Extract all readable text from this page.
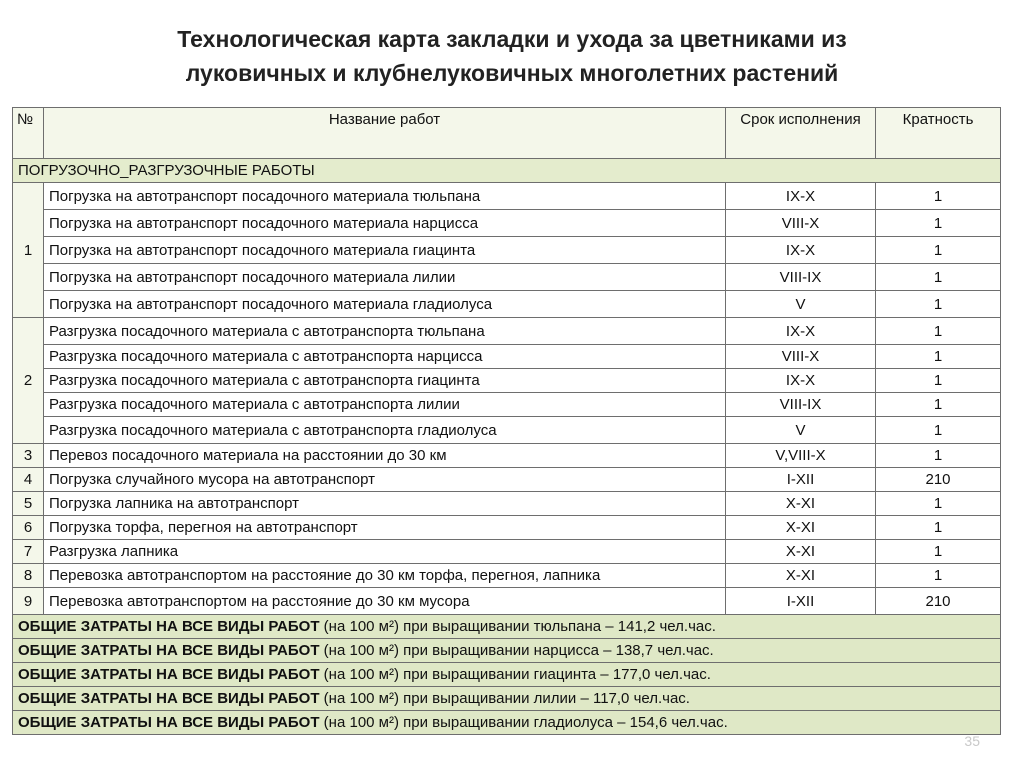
Технологическая карта закладки и ухода за цветниками из
луковичных и клубнелуковичных многолетних растений
№	Название работ	Срок исполнения	Кратность
ПОГРУЗОЧНО_РАЗГРУЗОЧНЫЕ РАБОТЫ			
1	Погрузка на автотранспорт посадочного материала тюльпана	IX-X	1
	Погрузка на автотранспорт посадочного материала нарцисса	VIII-X	1
	Погрузка на автотранспорт посадочного материала гиацинта	IX-X	1
	Погрузка на автотранспорт посадочного материала лилии	VIII-IX	1
	Погрузка на автотранспорт посадочного материала гладиолуса	V	1
2	Разгрузка посадочного материала с автотранспорта тюльпана	IX-X	1
	Разгрузка посадочного материала с автотранспорта нарцисса	VIII-X	1
	Разгрузка посадочного материала с автотранспорта гиацинта	IX-X	1
	Разгрузка посадочного материала с автотранспорта лилии	VIII-IX	1
	Разгрузка посадочного материала с автотранспорта гладиолуса	V	1
3	Перевоз посадочного материала на расстоянии до 30 км	V,VIII-X	1
4	Погрузка случайного мусора на автотранспорт	I-XII	210
5	Погрузка лапника на автотранспорт	X-XI	1
6	Погрузка торфа, перегноя на автотранспорт	X-XI	1
7	Разгрузка лапника	X-XI	1
8	Перевозка автотранспортом на расстояние до 30 км торфа, перегноя, лапника	X-XI	1
9	Перевозка автотранспортом на расстояние до 30 км мусора	I-XII	210
ОБЩИЕ ЗАТРАТЫ НА ВСЕ ВИДЫ РАБОТ (на 100 м²) при выращивании тюльпана – 141,2 чел.час.			
ОБЩИЕ ЗАТРАТЫ НА ВСЕ ВИДЫ РАБОТ (на 100 м²) при выращивании нарцисса – 138,7 чел.час.			
ОБЩИЕ ЗАТРАТЫ НА ВСЕ ВИДЫ РАБОТ (на 100 м²) при выращивании гиацинта – 177,0 чел.час.			
ОБЩИЕ ЗАТРАТЫ НА ВСЕ ВИДЫ РАБОТ (на 100 м²) при выращивании лилии – 117,0 чел.час.			
ОБЩИЕ ЗАТРАТЫ НА ВСЕ ВИДЫ РАБОТ (на 100 м²) при выращивании гладиолуса – 154,6 чел.час.			
35
